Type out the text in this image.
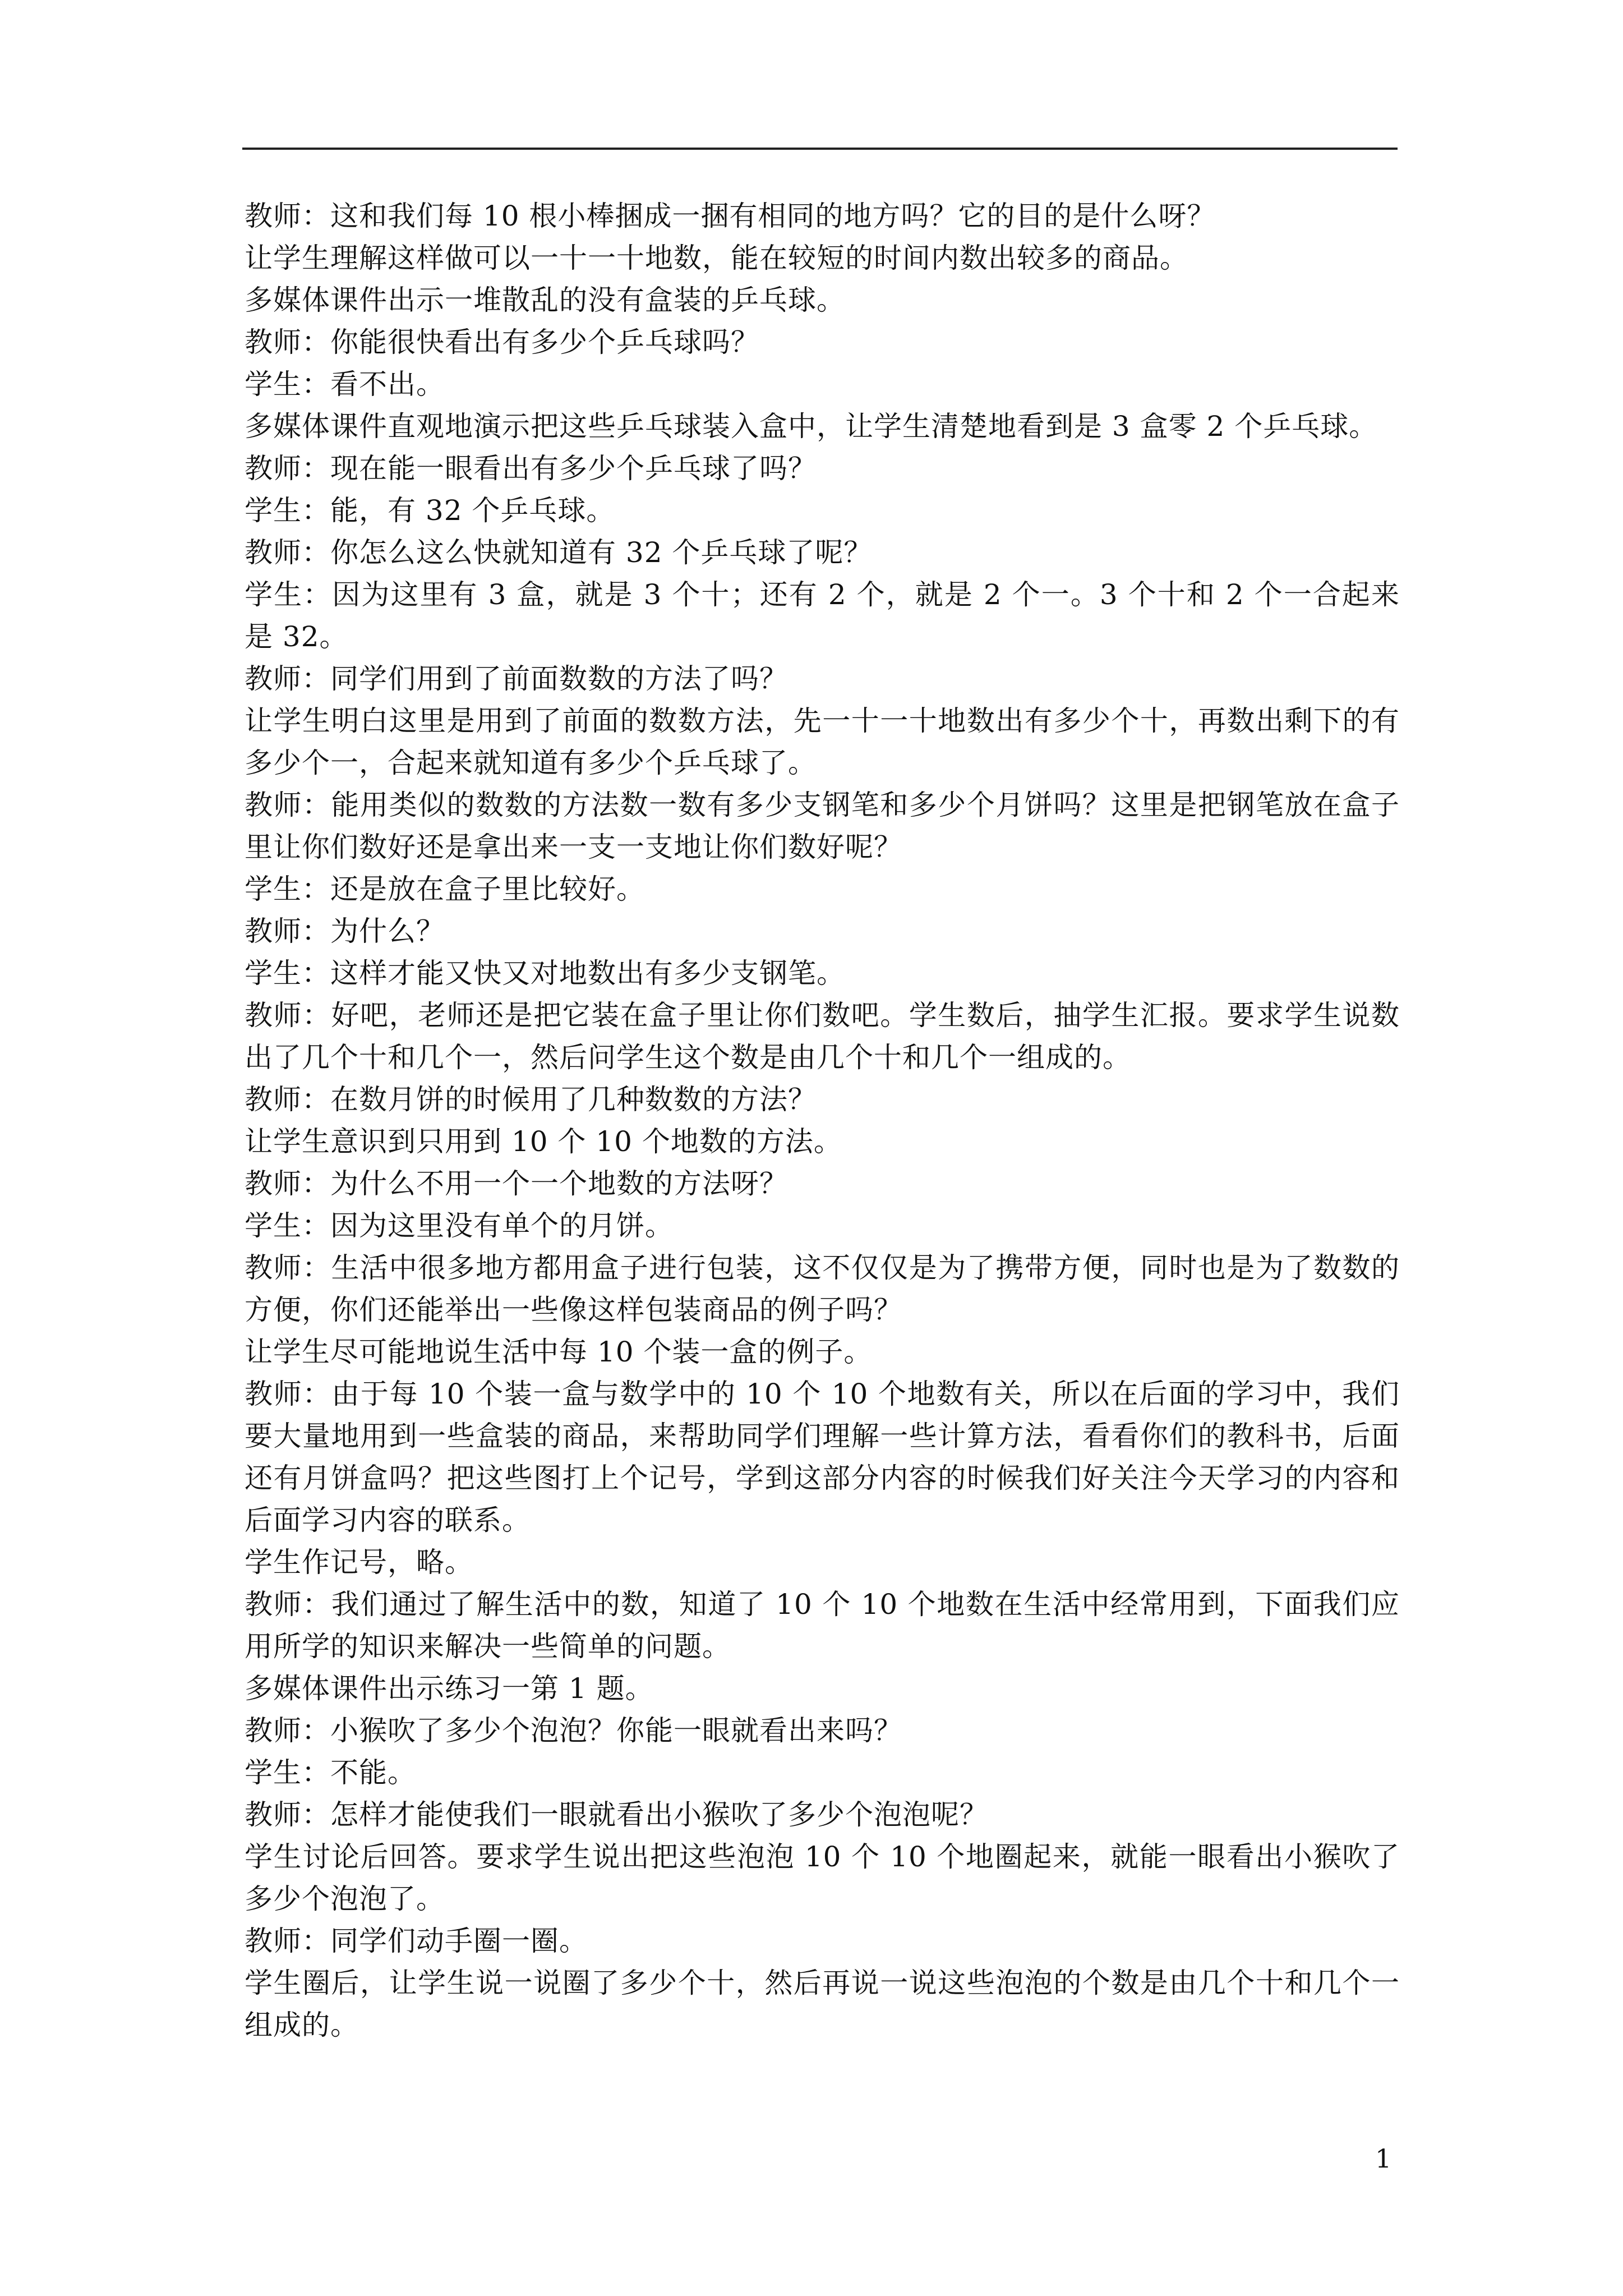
教师：这和我们每 10 根小棒捆成一捆有相同的地方吗？它的目的是什么呀？

让学生理解这样做可以一十一十地数，能在较短的时间内数出较多的商品。

多媒体课件出示一堆散乱的没有盒装的乒乓球。

教师：你能很快看出有多少个乒乓球吗？

学生：看不出。

多媒体课件直观地演示把这些乒乓球装入盒中，让学生清楚地看到是 3 盒零 2 个乒乓球。

教师：现在能一眼看出有多少个乒乓球了吗？

学生：能，有 32 个乒乓球。

教师：你怎么这么快就知道有 32 个乒乓球了呢？

学生：因为这里有 3 盒，就是 3 个十；还有 2 个，就是 2 个一。3 个十和 2 个一合起来是 32。

教师：同学们用到了前面数数的方法了吗？

让学生明白这里是用到了前面的数数方法，先一十一十地数出有多少个十，再数出剩下的有多少个一，合起来就知道有多少个乒乓球了。

教师：能用类似的数数的方法数一数有多少支钢笔和多少个月饼吗？这里是把钢笔放在盒子里让你们数好还是拿出来一支一支地让你们数好呢？

学生：还是放在盒子里比较好。

教师：为什么？

学生：这样才能又快又对地数出有多少支钢笔。

教师：好吧，老师还是把它装在盒子里让你们数吧。学生数后，抽学生汇报。要求学生说数出了几个十和几个一，然后问学生这个数是由几个十和几个一组成的。

教师：在数月饼的时候用了几种数数的方法？

让学生意识到只用到 10 个 10 个地数的方法。

教师：为什么不用一个一个地数的方法呀？

学生：因为这里没有单个的月饼。

教师：生活中很多地方都用盒子进行包装，这不仅仅是为了携带方便，同时也是为了数数的方便，你们还能举出一些像这样包装商品的例子吗？

让学生尽可能地说生活中每 10 个装一盒的例子。

教师：由于每 10 个装一盒与数学中的 10 个 10 个地数有关，所以在后面的学习中，我们要大量地用到一些盒装的商品，来帮助同学们理解一些计算方法，看看你们的教科书，后面还有月饼盒吗？把这些图打上个记号，学到这部分内容的时候我们好关注今天学习的内容和后面学习内容的联系。

学生作记号，略。

教师：我们通过了解生活中的数，知道了 10 个 10 个地数在生活中经常用到，下面我们应用所学的知识来解决一些简单的问题。

多媒体课件出示练习一第 1 题。

教师：小猴吹了多少个泡泡？你能一眼就看出来吗？

学生：不能。

教师：怎样才能使我们一眼就看出小猴吹了多少个泡泡呢？

学生讨论后回答。要求学生说出把这些泡泡 10 个 10 个地圈起来，就能一眼看出小猴吹了多少个泡泡了。

教师：同学们动手圈一圈。

学生圈后，让学生说一说圈了多少个十，然后再说一说这些泡泡的个数是由几个十和几个一组成的。

1
